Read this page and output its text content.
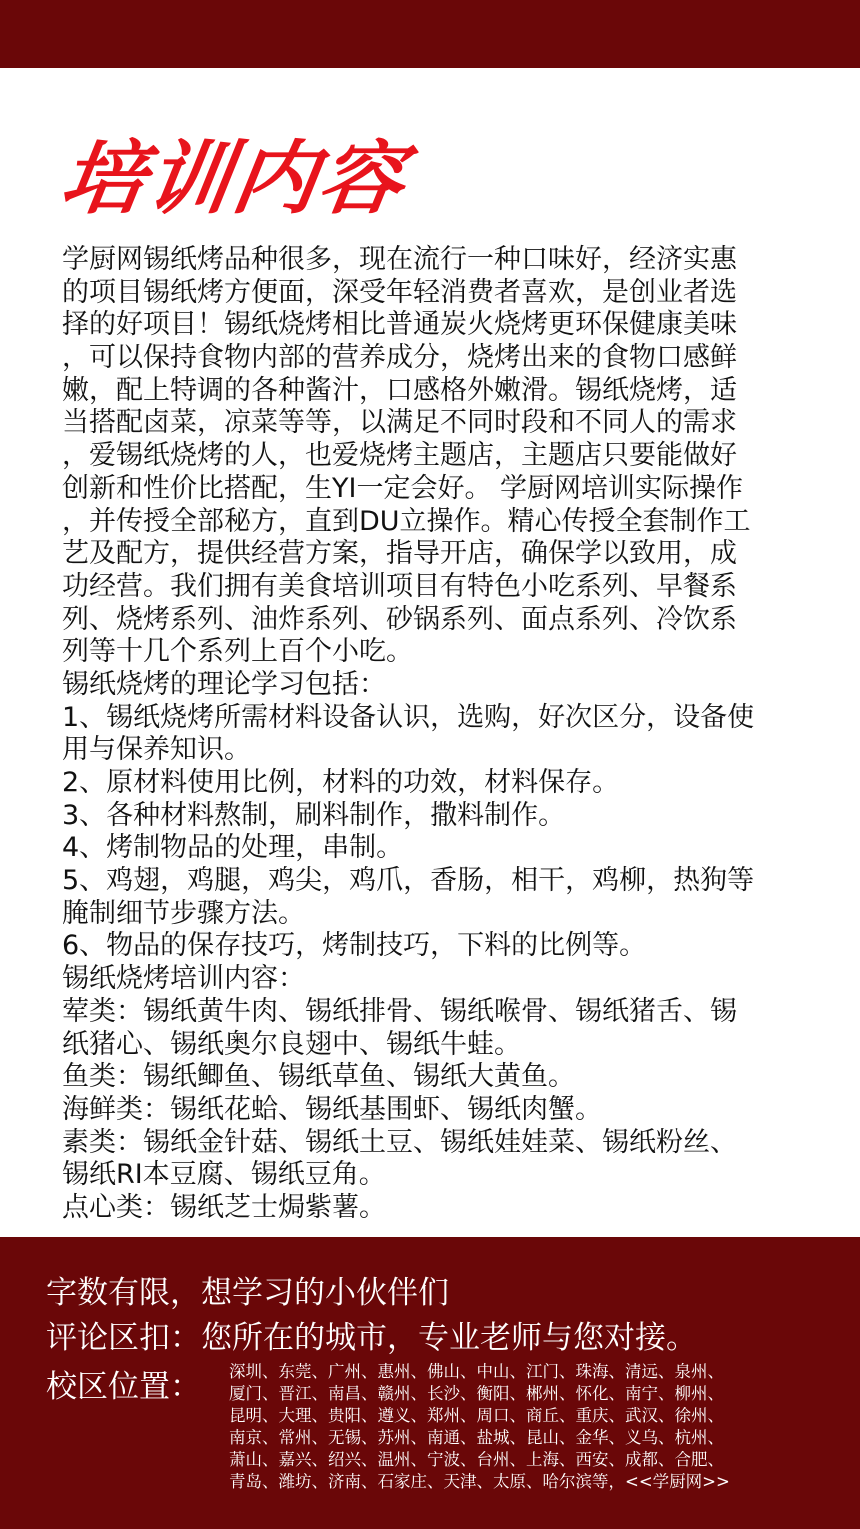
培训内容
学厨网锡纸烤品种很多，现在流行一种口味好，经济实惠
的项目锡纸烤方便面，深受年轻消费者喜欢，是创业者选
择的好项目！锡纸烧烤相比普通炭火烧烤更环保健康美味
，可以保持食物内部的营养成分，烧烤出来的食物口感鲜
嫩，配上特调的各种酱汁，口感格外嫩滑。锡纸烧烤，适
当搭配卤菜，凉菜等等，以满足不同时段和不同人的需求
，爱锡纸烧烤的人，也爱烧烤主题店，主题店只要能做好
创新和性价比搭配，生YI一定会好。 学厨网培训实际操作
，并传授全部秘方，直到DU立操作。精心传授全套制作工
艺及配方，提供经营方案，指导开店，确保学以致用，成
功经营。我们拥有美食培训项目有特色小吃系列、早餐系
列、烧烤系列、油炸系列、砂锅系列、面点系列、冷饮系
列等十几个系列上百个小吃。
锡纸烧烤的理论学习包括：
1、锡纸烧烤所需材料设备认识，选购，好次区分，设备使
用与保养知识。
2、原材料使用比例，材料的功效，材料保存。
3、各种材料熬制，刷料制作，撒料制作。
4、烤制物品的处理，串制。
5、鸡翅，鸡腿，鸡尖，鸡爪，香肠，相干，鸡柳，热狗等
腌制细节步骤方法。
6、物品的保存技巧，烤制技巧，下料的比例等。
锡纸烧烤培训内容：
荤类：锡纸黄牛肉、锡纸排骨、锡纸喉骨、锡纸猪舌、锡
纸猪心、锡纸奥尔良翅中、锡纸牛蛙。
鱼类：锡纸鲫鱼、锡纸草鱼、锡纸大黄鱼。
海鲜类：锡纸花蛤、锡纸基围虾、锡纸肉蟹。
素类：锡纸金针菇、锡纸土豆、锡纸娃娃菜、锡纸粉丝、
锡纸RI本豆腐、锡纸豆角。
点心类：锡纸芝士焗紫薯。
字数有限，想学习的小伙伴们
评论区扣：您所在的城市，专业老师与您对接。
校区位置： 深圳、东莞、广州、惠州、佛山、中山、江门、珠海、清远、泉州、
厦门、晋江、南昌、赣州、长沙、衡阳、郴州、怀化、南宁、柳州、
昆明、大理、贵阳、遵义、郑州、周口、商丘、重庆、武汉、徐州、
南京、常州、无锡、苏州、南通、盐城、昆山、金华、义乌、杭州、
萧山、嘉兴、绍兴、温州、宁波、台州、上海、西安、成都、合肥、
青岛、潍坊、济南、石家庄、天津、太原、哈尔滨等，<<学厨网>>
